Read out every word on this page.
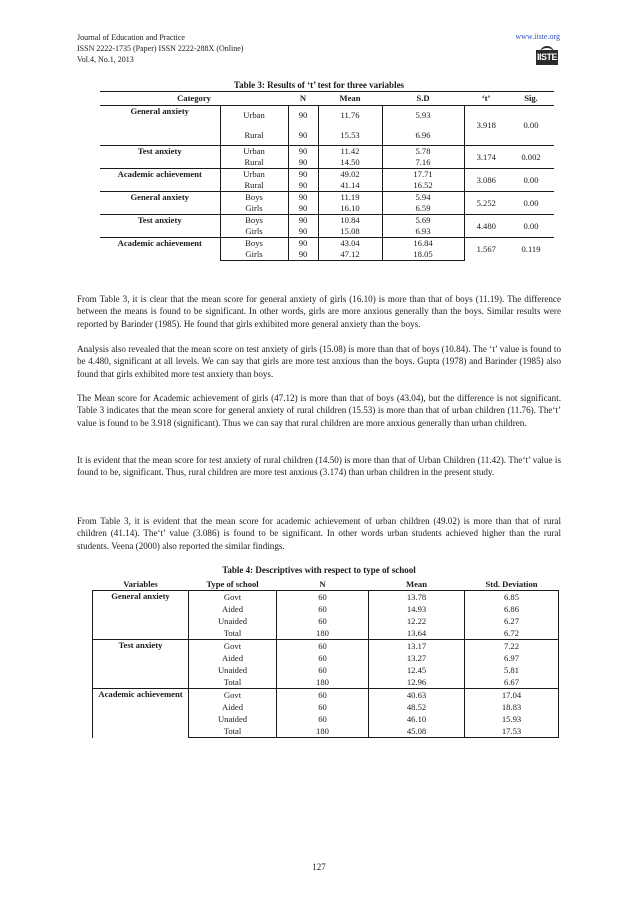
Journal of Education and Practice
ISSN 2222-1735 (Paper) ISSN 2222-288X (Online)
Vol.4, No.1, 2013
www.iiste.org
IISTE
Table 3: Results of ‘t’ test for three variables
Category		N	Mean	S.D	‘t’	Sig.
General anxiety	Urban	90	11.76	5.93	3.918	0.00
	Rural	90	15.53	6.96		
Test anxiety	Urban	90	11.42	5.78	3.174	0.002
	Rural	90	14.50	7.16		
Academic achievement	Urban	90	49.02	17.71	3.086	0.00
	Rural	90	41.14	16.52		
General anxiety	Boys	90	11.19	5.94	5.252	0.00
	Girls	90	16.10	6.59		
Test anxiety	Boys	90	10.84	5.69	4.480	0.00
	Girls	90	15.08	6.93		
Academic achievement	Boys	90	43.04	16.84	1.567	0.119
	Girls	90	47.12	18.05		

From Table 3, it is clear that the mean score for general anxiety of girls (16.10) is more than that of boys (11.19). The difference between the means is found to be significant. In other words, girls are more anxious generally than the boys. Similar results were reported by Barinder (1985). He found that girls exhibited more general anxiety than the boys.

Analysis also revealed that the mean score on test anxiety of girls (15.08) is more than that of boys (10.84). The ‘t’ value is found to be 4.480, significant at all levels. We can say that girls are more test anxious than the boys. Gupta (1978) and Barinder (1985) also found that girls exhibited more test anxiety than boys.

The Mean score for Academic achievement of girls (47.12) is more than that of boys (43.04), but the difference is not significant. Table 3 indicates that the mean score for general anxiety of rural children (15.53) is more than that of urban children (11.76). The‘t’ value is found to be 3.918 (significant). Thus we can say that rural children are more anxious generally than urban children.

It is evident that the mean score for test anxiety of rural children (14.50) is more than that of Urban Children (11.42). The‘t’ value is found to be, significant. Thus, rural children are more test anxious (3.174) than urban children in the present study.

From Table 3, it is evident that the mean score for academic achievement of urban children (49.02) is more than that of rural children (41.14). The‘t’ value (3.086) is found to be significant. In other words urban students achieved higher than the rural students. Veena (2000) also reported the similar findings.

Table 4: Descriptives with respect to type of school
Variables	Type of school	N	Mean	Std. Deviation
General anxiety	Govt	60	13.78	6.85
	Aided	60	14.93	6.86
	Unaided	60	12.22	6.27
	Total	180	13.64	6.72
Test anxiety	Govt	60	13.17	7.22
	Aided	60	13.27	6.97
	Unaided	60	12.45	5.81
	Total	180	12.96	6.67
Academic achievement	Govt	60	40.63	17.04
	Aided	60	48.52	18.83
	Unaided	60	46.10	15.93
	Total	180	45.08	17.53
127
